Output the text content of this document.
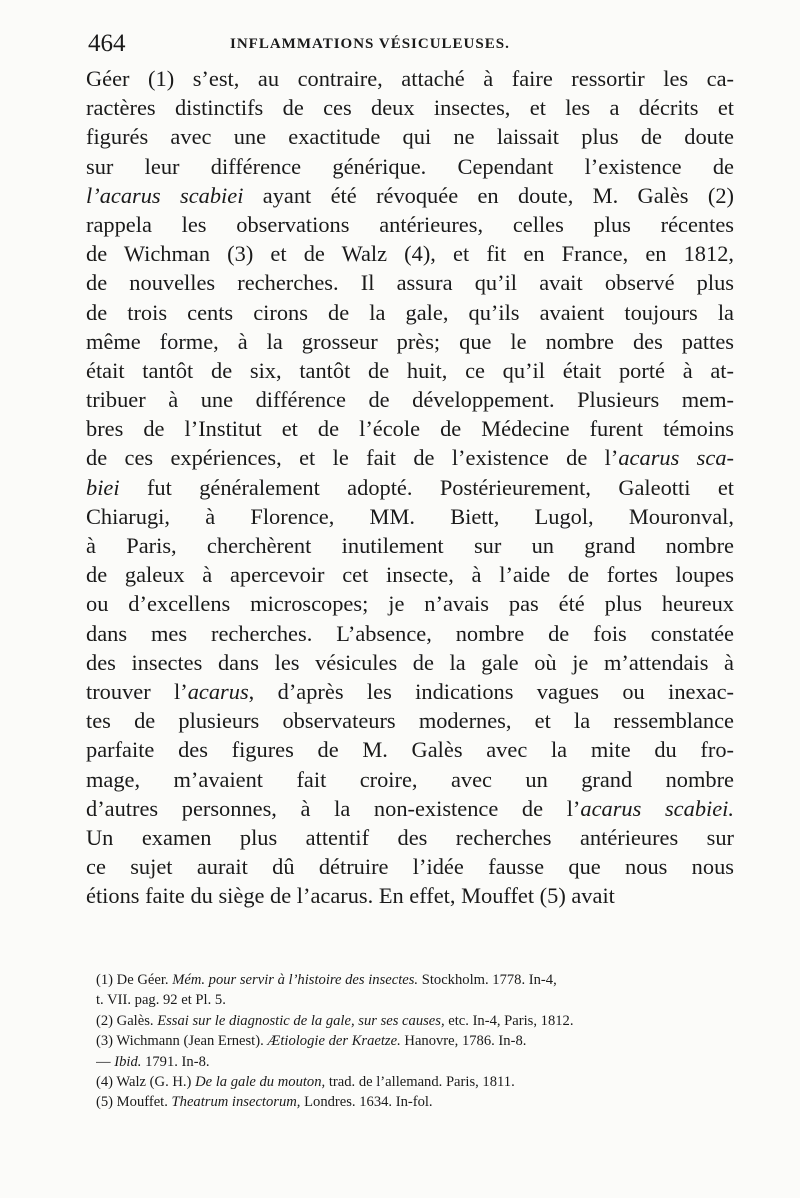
464	INFLAMMATIONS VÉSICULEUSES.
Géer (1) s’est, au contraire, attaché à faire ressortir les ca-
ractères distinctifs de ces deux insectes, et les a décrits et
figurés avec une exactitude qui ne laissait plus de doute
sur leur différence générique. Cependant l’existence de
l’acarus scabiei ayant été révoquée en doute, M. Galès (2)
rappela les observations antérieures, celles plus récentes
de Wichman (3) et de Walz (4), et fit en France, en 1812,
de nouvelles recherches. Il assura qu’il avait observé plus
de trois cents cirons de la gale, qu’ils avaient toujours la
même forme, à la grosseur près; que le nombre des pattes
était tantôt de six, tantôt de huit, ce qu’il était porté à at-
tribuer à une différence de développement. Plusieurs mem-
bres de l’Institut et de l’école de Médecine furent témoins
de ces expériences, et le fait de l’existence de l’acarus sca-
biei fut généralement adopté. Postérieurement, Galeotti et
Chiarugi, à Florence, MM. Biett, Lugol, Mouronval,
à Paris, cherchèrent inutilement sur un grand nombre
de galeux à apercevoir cet insecte, à l’aide de fortes loupes
ou d’excellens microscopes; je n’avais pas été plus heureux
dans mes recherches. L’absence, nombre de fois constatée
des insectes dans les vésicules de la gale où je m’attendais à
trouver l’acarus, d’après les indications vagues ou inexac-
tes de plusieurs observateurs modernes, et la ressemblance
parfaite des figures de M. Galès avec la mite du fro-
mage, m’avaient fait croire, avec un grand nombre
d’autres personnes, à la non-existence de l’acarus scabiei.
Un examen plus attentif des recherches antérieures sur
ce sujet aurait dû détruire l’idée fausse que nous nous
étions faite du siège de l’acarus. En effet, Mouffet (5) avait
(1) De Géer. Mém. pour servir à l’histoire des insectes. Stockholm. 1778. In-4,
t. VII. pag. 92 et Pl. 5.
(2) Galès. Essai sur le diagnostic de la gale, sur ses causes, etc. In-4, Paris, 1812.
(3) Wichmann (Jean Ernest). Ætiologie der Kraetze. Hanovre, 1786. In-8.
— Ibid. 1791. In-8.
(4) Walz (G. H.) De la gale du mouton, trad. de l’allemand. Paris, 1811.
(5) Mouffet. Theatrum insectorum, Londres. 1634. In-fol.
